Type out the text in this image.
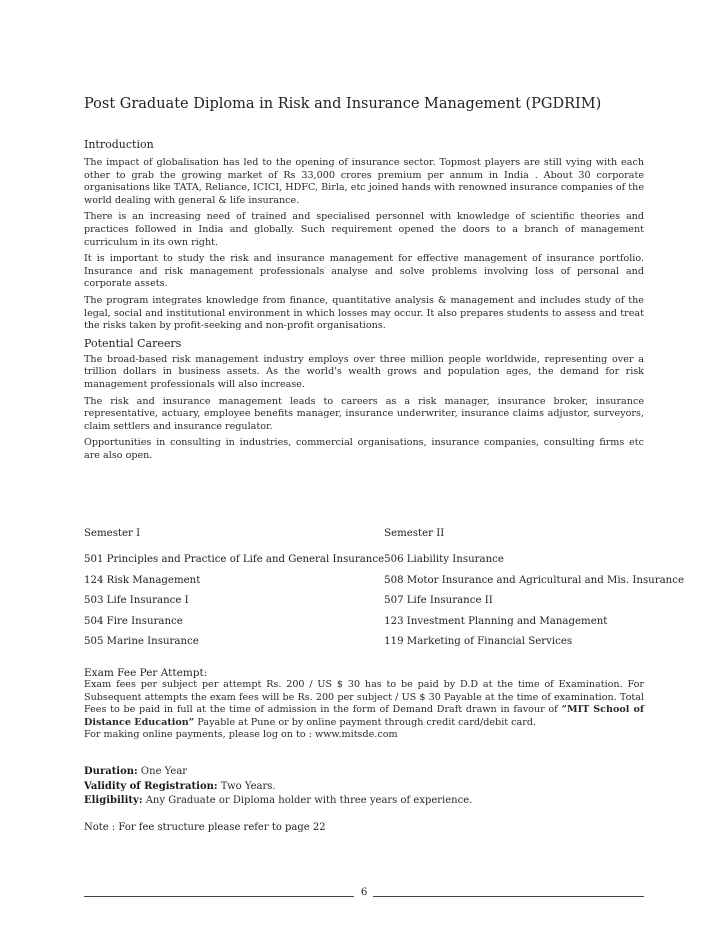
Post Graduate Diploma in Risk and Insurance Management (PGDRIM)
Introduction

The impact of globalisation has led to the opening of insurance sector. Topmost players are still vying with each other to grab the growing market of Rs 33,000 crores premium per annum in India . About 30 corporate organisations like TATA, Reliance, ICICI, HDFC, Birla, etc joined hands with renowned insurance companies of the world dealing with general & life insurance.

There is an increasing need of trained and specialised personnel with knowledge of scientific theories and practices followed in India and globally. Such requirement opened the doors to a branch of management curriculum in its own right.

It is important to study the risk and insurance management for effective management of insurance portfolio. Insurance and risk management professionals analyse and solve problems involving loss of personal and corporate assets.

The program integrates knowledge from finance, quantitative analysis & management and includes study of the legal, social and institutional environment in which losses may occur. It also prepares students to assess and treat the risks taken by profit-seeking and non-profit organisations.

Potential Careers

The broad-based risk management industry employs over three million people worldwide, representing over a trillion dollars in business assets. As the world's wealth grows and population ages, the demand for risk management professionals will also increase.

The risk and insurance management leads to careers as a risk manager, insurance broker, insurance representative, actuary, employee benefits manager, insurance underwriter, insurance claims adjustor, surveyors, claim settlers and insurance regulator.

Opportunities in consulting in industries, commercial organisations, insurance companies, consulting firms etc are also open.

Semester I	Semester II
501 Principles and Practice of Life and General Insurance	506 Liability Insurance
124 Risk Management	508 Motor Insurance and Agricultural and Mis. Insurance
503 Life Insurance I	507 Life Insurance II
504 Fire Insurance	123 Investment Planning and Management
505 Marine Insurance	119 Marketing of Financial Services
Exam Fee Per Attempt:

Exam fees per subject per attempt Rs. 200 / US $ 30 has to be paid by D.D at the time of Examination. For Subsequent attempts the exam fees will be Rs. 200 per subject / US $ 30 Payable at the time of examination. Total Fees to be paid in full at the time of admission in the form of Demand Draft drawn in favour of “MIT School of Distance Education” Payable at Pune or by online payment through credit card/debit card.

For making online payments, please log on to : www.mitsde.com

Duration: One Year
Validity of Registration: Two Years.
Eligibility: Any Graduate or Diploma holder with three years of experience.
Note : For fee structure please refer to page 22
6
